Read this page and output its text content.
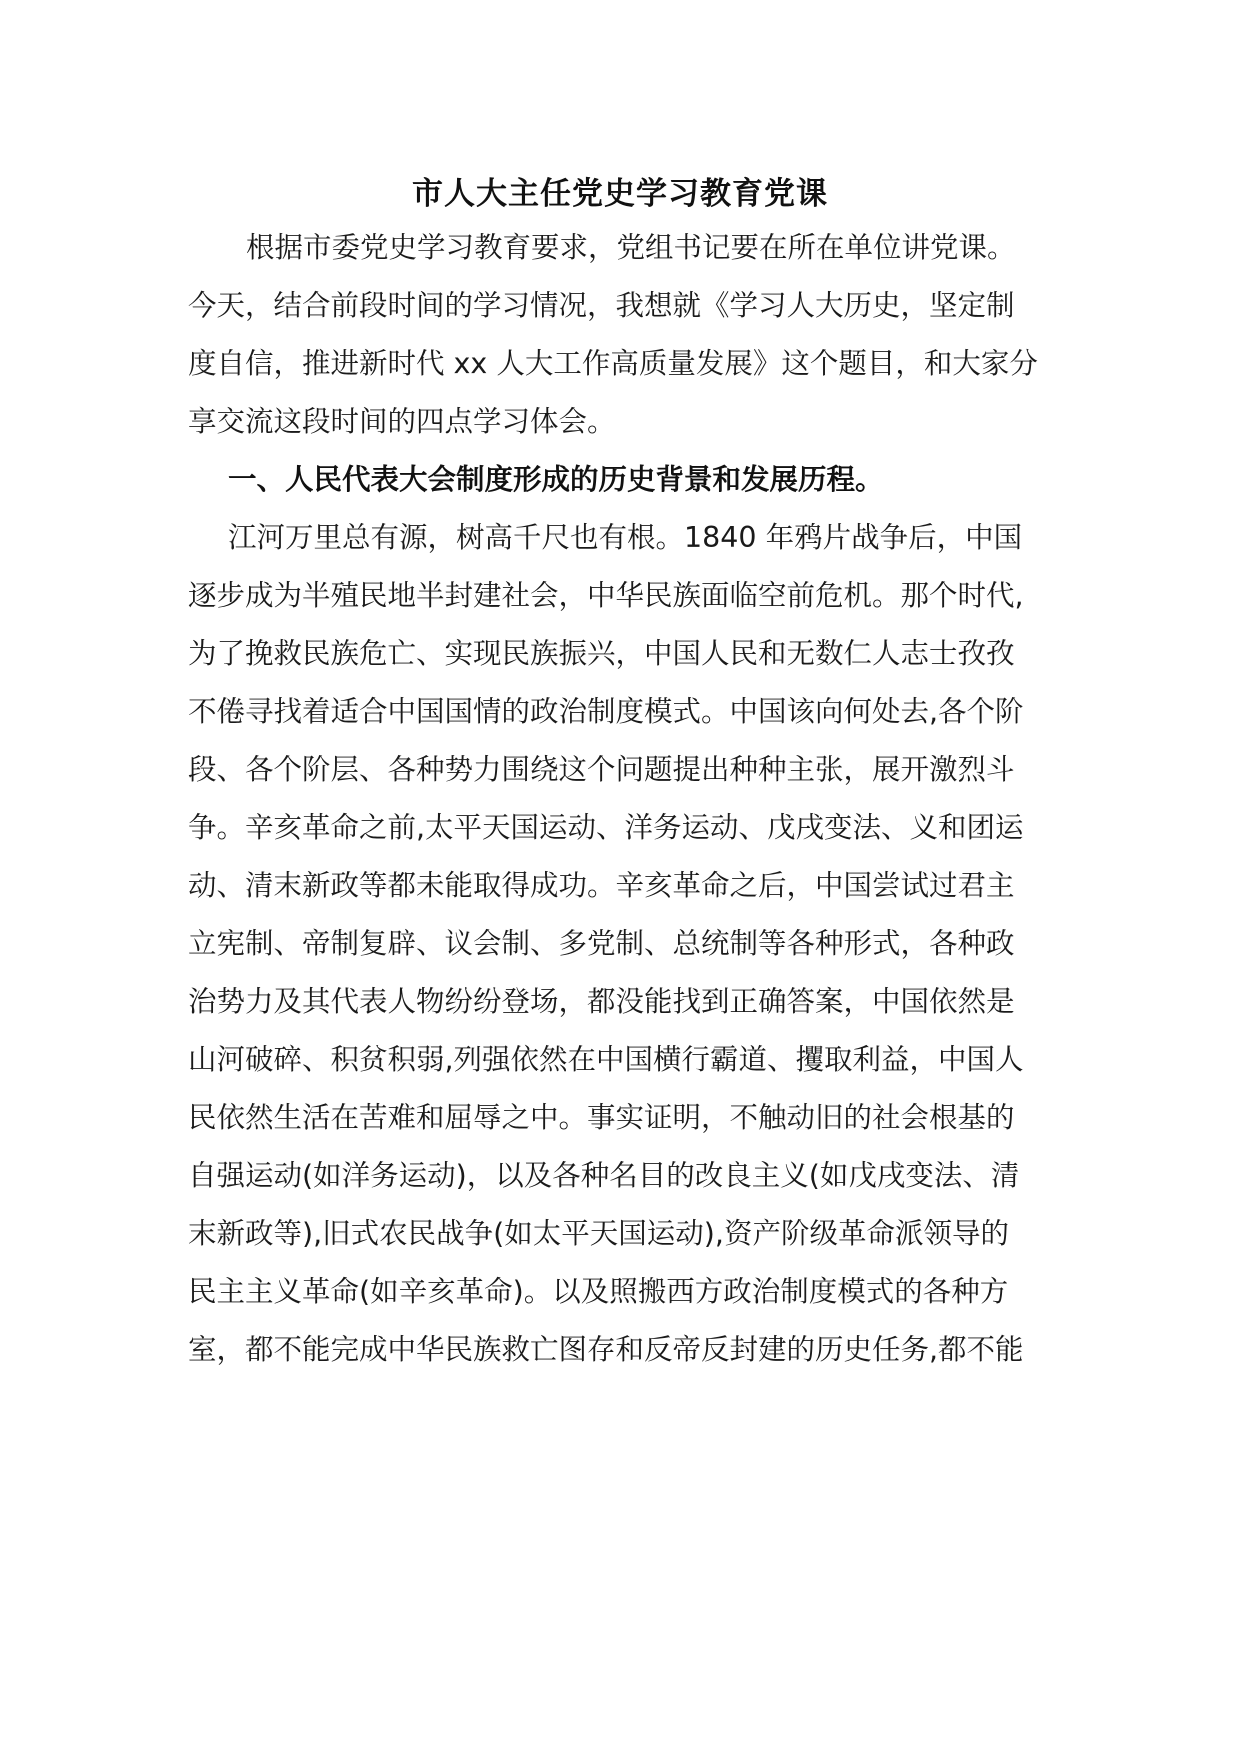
市人大主任党史学习教育党课
根据市委党史学习教育要求，党组书记要在所在单位讲党课。
今天，结合前段时间的学习情况，我想就《学习人大历史，坚定制
度自信，推进新时代 xx 人大工作高质量发展》这个题目，和大家分
享交流这段时间的四点学习体会。
一、人民代表大会制度形成的历史背景和发展历程。
江河万里总有源，树高千尺也有根。1840 年鸦片战争后，中国
逐步成为半殖民地半封建社会，中华民族面临空前危机。那个时代,
为了挽救民族危亡、实现民族振兴，中国人民和无数仁人志士孜孜
不倦寻找着适合中国国情的政治制度模式。中国该向何处去,各个阶
段、各个阶层、各种势力围绕这个问题提出种种主张，展开激烈斗
争。辛亥革命之前,太平天国运动、洋务运动、戊戌变法、义和团运
动、清末新政等都未能取得成功。辛亥革命之后，中国尝试过君主
立宪制、帝制复辟、议会制、多党制、总统制等各种形式，各种政
治势力及其代表人物纷纷登场，都没能找到正确答案，中国依然是
山河破碎、积贫积弱,列强依然在中国横行霸道、攫取利益，中国人
民依然生活在苦难和屈辱之中。事实证明，不触动旧的社会根基的
自强运动(如洋务运动)，以及各种名目的改良主义(如戊戌变法、清
末新政等),旧式农民战争(如太平天国运动),资产阶级革命派领导的
民主主义革命(如辛亥革命)。以及照搬西方政治制度模式的各种方
室，都不能完成中华民族救亡图存和反帝反封建的历史任务,都不能
